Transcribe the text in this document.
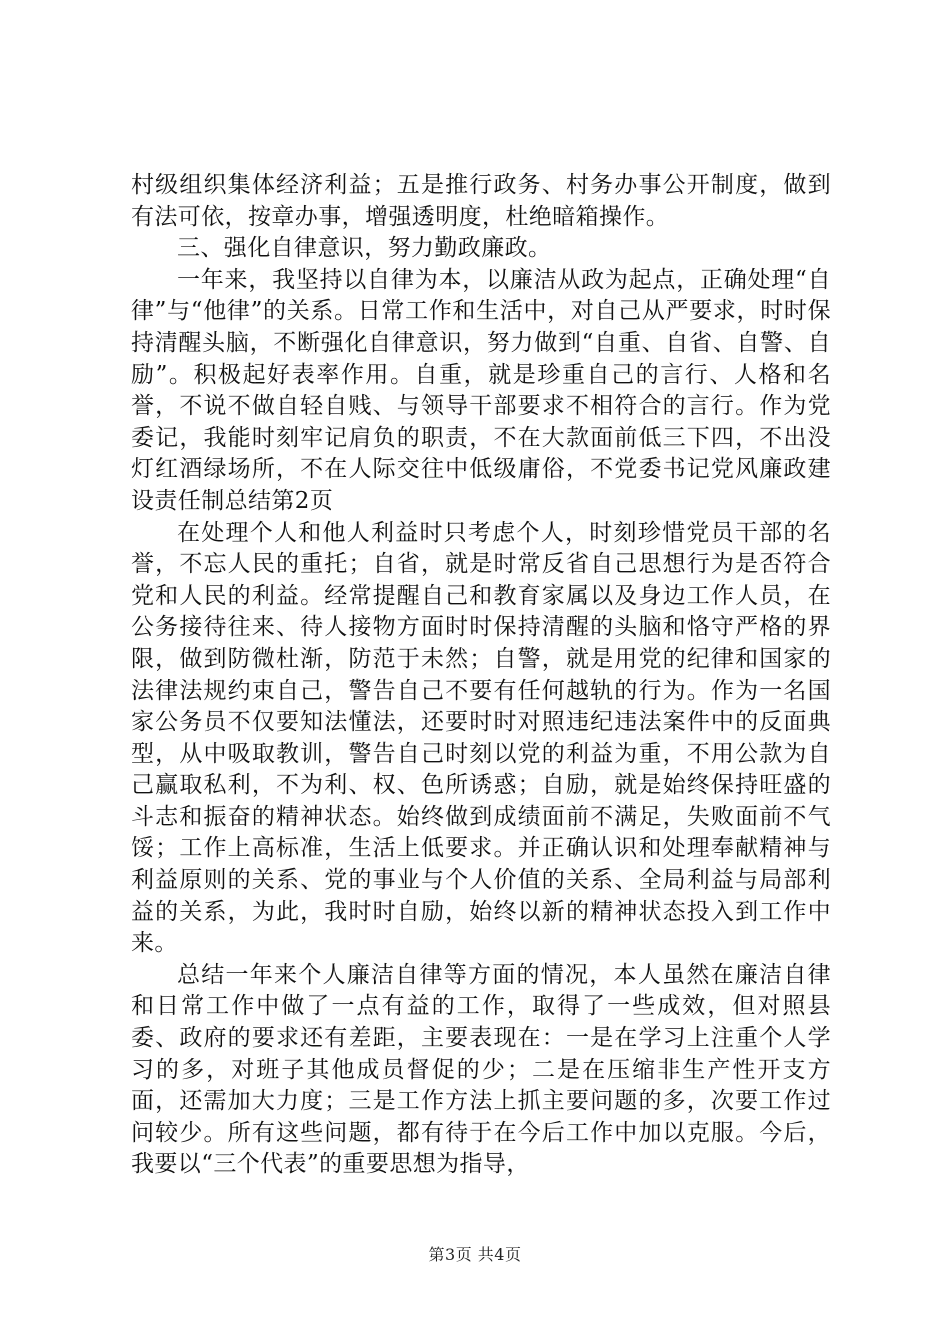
村级组织集体经济利益；五是推行政务、村务办事公开制度，做到有法可依，按章办事，增强透明度，杜绝暗箱操作。

三、强化自律意识，努力勤政廉政。

一年来，我坚持以自律为本，以廉洁从政为起点，正确处理“自律”与“他律”的关系。日常工作和生活中，对自己从严要求，时时保持清醒头脑，不断强化自律意识，努力做到“自重、自省、自警、自励”。积极起好表率作用。自重，就是珍重自己的言行、人格和名誉，不说不做自轻自贱、与领导干部要求不相符合的言行。作为党委记，我能时刻牢记肩负的职责，不在大款面前低三下四，不出没灯红酒绿场所，不在人际交往中低级庸俗，不党委书记党风廉政建设责任制总结第2页

在处理个人和他人利益时只考虑个人，时刻珍惜党员干部的名誉，不忘人民的重托；自省，就是时常反省自己思想行为是否符合党和人民的利益。经常提醒自己和教育家属以及身边工作人员，在公务接待往来、待人接物方面时时保持清醒的头脑和恪守严格的界限，做到防微杜渐，防范于未然；自警，就是用党的纪律和国家的法律法规约束自己，警告自己不要有任何越轨的行为。作为一名国家公务员不仅要知法懂法，还要时时对照违纪违法案件中的反面典型，从中吸取教训，警告自己时刻以党的利益为重，不用公款为自己赢取私利，不为利、权、色所诱惑；自励，就是始终保持旺盛的斗志和振奋的精神状态。始终做到成绩面前不满足，失败面前不气馁；工作上高标准，生活上低要求。并正确认识和处理奉献精神与利益原则的关系、党的事业与个人价值的关系、全局利益与局部利益的关系，为此，我时时自励，始终以新的精神状态投入到工作中来。

总结一年来个人廉洁自律等方面的情况，本人虽然在廉洁自律和日常工作中做了一点有益的工作，取得了一些成效，但对照县委、政府的要求还有差距，主要表现在：一是在学习上注重个人学习的多，对班子其他成员督促的少；二是在压缩非生产性开支方面，还需加大力度；三是工作方法上抓主要问题的多，次要工作过问较少。所有这些问题，都有待于在今后工作中加以克服。今后，我要以“三个代表”的重要思想为指导，

第3页 共4页
